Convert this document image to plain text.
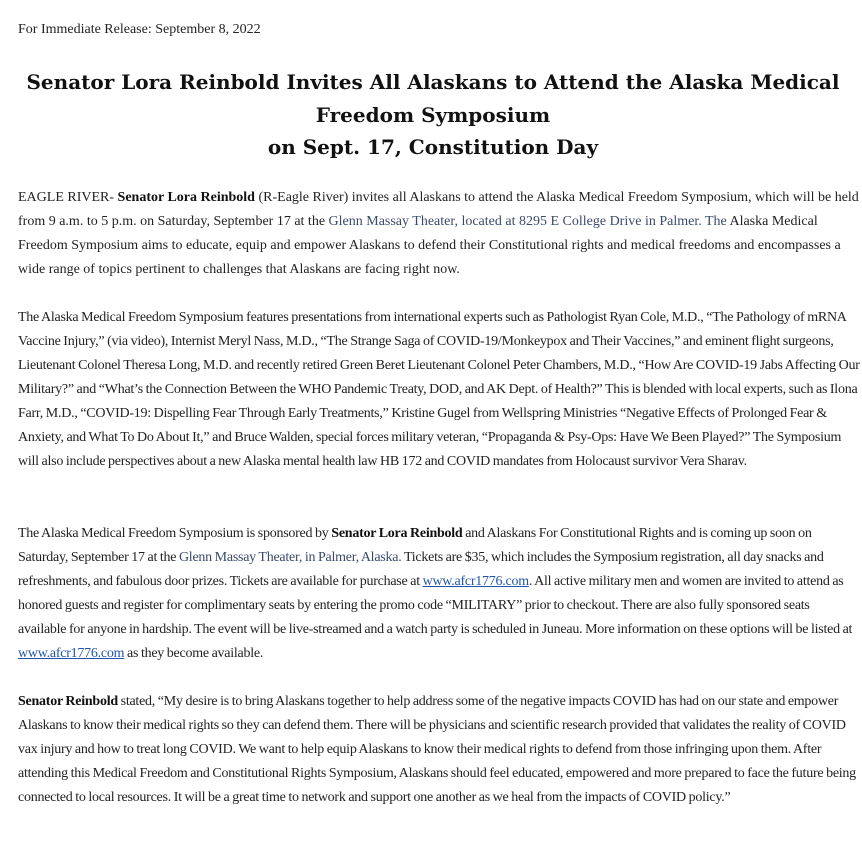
For Immediate Release: September 8, 2022
Senator Lora Reinbold Invites All Alaskans to Attend the Alaska Medical
Freedom Symposium
on Sept. 17, Constitution Day

EAGLE RIVER- Senator Lora Reinbold (R-Eagle River) invites all Alaskans to attend the Alaska Medical Freedom Symposium, which will be held from 9 a.m. to 5 p.m. on Saturday, September 17 at the Glenn Massay Theater, located at 8295 E College Drive in Palmer. The Alaska Medical Freedom Symposium aims to educate, equip and empower Alaskans to defend their Constitutional rights and medical freedoms and encompasses a wide range of topics pertinent to challenges that Alaskans are facing right now.

The Alaska Medical Freedom Symposium features presentations from international experts such as Pathologist Ryan Cole, M.D., “The Pathology of mRNA Vaccine Injury,” (via video), Internist Meryl Nass, M.D., “The Strange Saga of COVID-19/Monkeypox and Their Vaccines,” and eminent flight surgeons, Lieutenant Colonel Theresa Long, M.D. and recently retired Green Beret Lieutenant Colonel Peter Chambers, M.D., “How Are COVID-19 Jabs Affecting Our Military?” and “What’s the Connection Between the WHO Pandemic Treaty, DOD, and AK Dept. of Health?” This is blended with local experts, such as Ilona Farr, M.D., “COVID-19: Dispelling Fear Through Early Treatments,” Kristine Gugel from Wellspring Ministries “Negative Effects of Prolonged Fear & Anxiety, and What To Do About It,” and Bruce Walden, special forces military veteran, “Propaganda & Psy-Ops: Have We Been Played?” The Symposium will also include perspectives about a new Alaska mental health law HB 172 and COVID mandates from Holocaust survivor Vera Sharav.

The Alaska Medical Freedom Symposium is sponsored by Senator Lora Reinbold and Alaskans For Constitutional Rights and is coming up soon on Saturday, September 17 at the Glenn Massay Theater, in Palmer, Alaska. Tickets are $35, which includes the Symposium registration, all day snacks and refreshments, and fabulous door prizes. Tickets are available for purchase at www.afcr1776.com. All active military men and women are invited to attend as honored guests and register for complimentary seats by entering the promo code “MILITARY” prior to checkout. There are also fully sponsored seats available for anyone in hardship. The event will be live-streamed and a watch party is scheduled in Juneau. More information on these options will be listed at www.afcr1776.com as they become available.

Senator Reinbold stated, “My desire is to bring Alaskans together to help address some of the negative impacts COVID has had on our state and empower Alaskans to know their medical rights so they can defend them. There will be physicians and scientific research provided that validates the reality of COVID vax injury and how to treat long COVID. We want to help equip Alaskans to know their medical rights to defend from those infringing upon them. After attending this Medical Freedom and Constitutional Rights Symposium, Alaskans should feel educated, empowered and more prepared to face the future being connected to local resources. It will be a great time to network and support one another as we heal from the impacts of COVID policy.”
